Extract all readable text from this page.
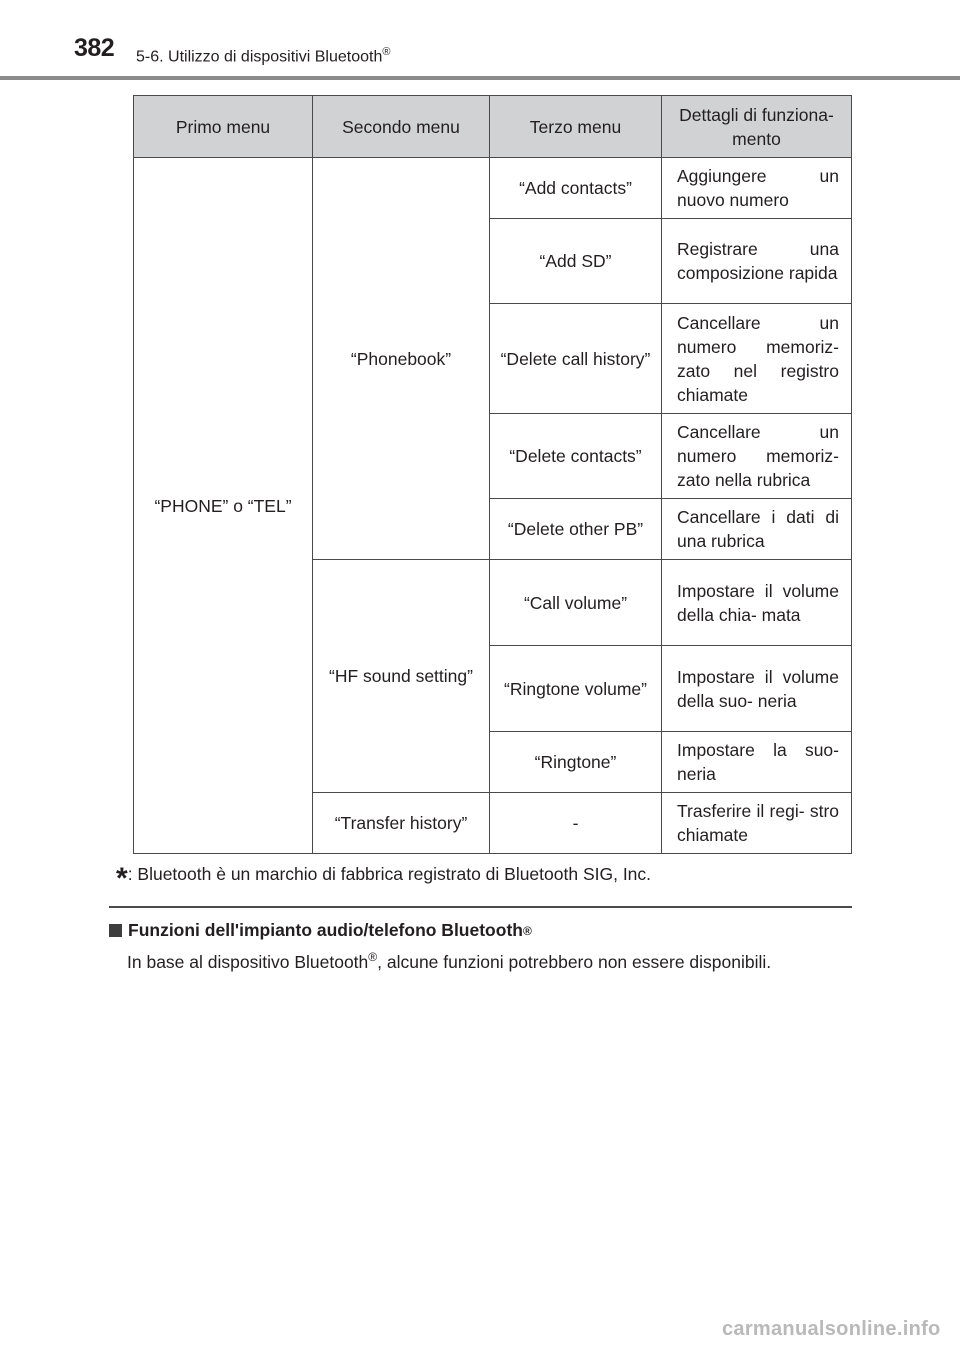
382 5-6. Utilizzo di dispositivi Bluetooth®
Primo menu	Secondo menu	Terzo menu	Dettagli di funziona- mento
“PHONE” o “TEL”	“Phonebook”	“Add contacts”	Aggiungere un nuovo numero
		“Add SD”	Registrare una composizione rapida
		“Delete call history”	Cancellare un numero memoriz- zato nel registro chiamate
		“Delete contacts”	Cancellare un numero memoriz- zato nella rubrica
		“Delete other PB”	Cancellare i dati di una rubrica
	“HF sound setting”	“Call volume”	Impostare il volume della chia- mata
		“Ringtone volume”	Impostare il volume della suo- neria
		“Ringtone”	Impostare la suo- neria
	“Transfer history”	-	Trasferire il regi- stro chiamate
*: Bluetooth è un marchio di fabbrica registrato di Bluetooth SIG, Inc.
Funzioni dell'impianto audio/telefono Bluetooth ®
In base al dispositivo Bluetooth®, alcune funzioni potrebbero non essere disponibili.
carmanualsonline.info
